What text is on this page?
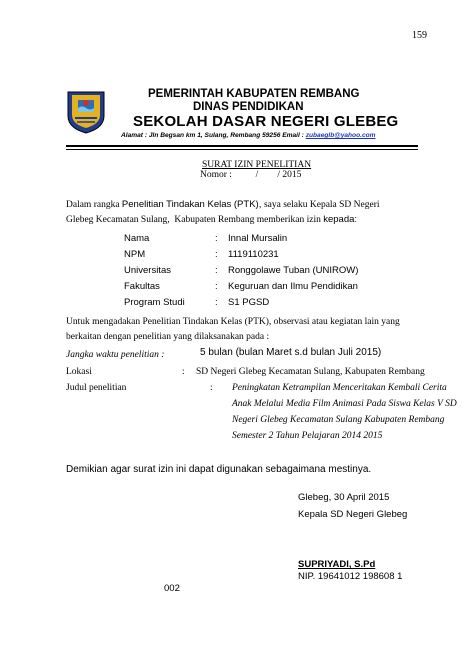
159
PEMERINTAH KABUPATEN REMBANG
DINAS PENDIDIKAN
SEKOLAH DASAR NEGERI GLEBEG
Alamat : Jln Begsan km 1, Sulang, Rembang 59256 Email : zubaeglb@yahoo.com
SURAT IZIN PENELITIAN
Nomor :          /        / 2015
Dalam rangka Penelitian Tindakan Kelas (PTK), saya selaku Kepala SD Negeri
Glebeg Kecamatan Sulang,  Kabupaten Rembang memberikan izin kepada:
Nama	: Innal Mursalin
NPM	: 1119110231
Universitas	: Ronggolawe Tuban (UNIROW)
Fakultas	: Keguruan dan Ilmu Pendidikan
Program Studi	: S1 PGSD
Untuk mengadakan Penelitian Tindakan Kelas (PTK), observasi atau kegiatan lain yang
berkaitan dengan penelitian yang dilaksanakan pada :
Jangka waktu penelitian :	5 bulan (bulan Maret s.d bulan Juli 2015)
Lokasi	: SD Negeri Glebeg Kecamatan Sulang, Kabupaten Rembang
Judul penelitian	: Peningkatan Ketrampilan Menceritakan Kembali Cerita
Anak Melalui Media Film Animasi Pada Siswa Kelas V SD
Negeri Glebeg Kecamatan Sulang Kabupaten Rembang
Semester 2 Tahun Pelajaran 2014 2015
Demikian agar surat izin ini dapat digunakan sebagaimana mestinya.
Glebeg, 30 April 2015
Kepala SD Negeri Glebeg
SUPRIYADI, S.Pd
NIP. 19641012 198608 1
002
